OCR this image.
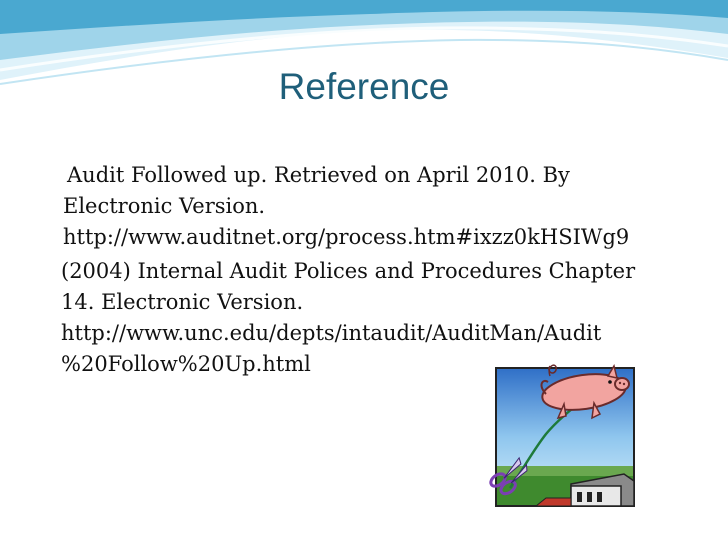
Reference

Audit Followed up. Retrieved on April 2010. By
Electronic Version.
http://www.auditnet.org/process.htm#ixzz0kHSIWg9

(2004) Internal Audit Polices and Procedures Chapter
14. Electronic Version.
http://www.unc.edu/depts/intaudit/AuditMan/Audit
%20Follow%20Up.html
